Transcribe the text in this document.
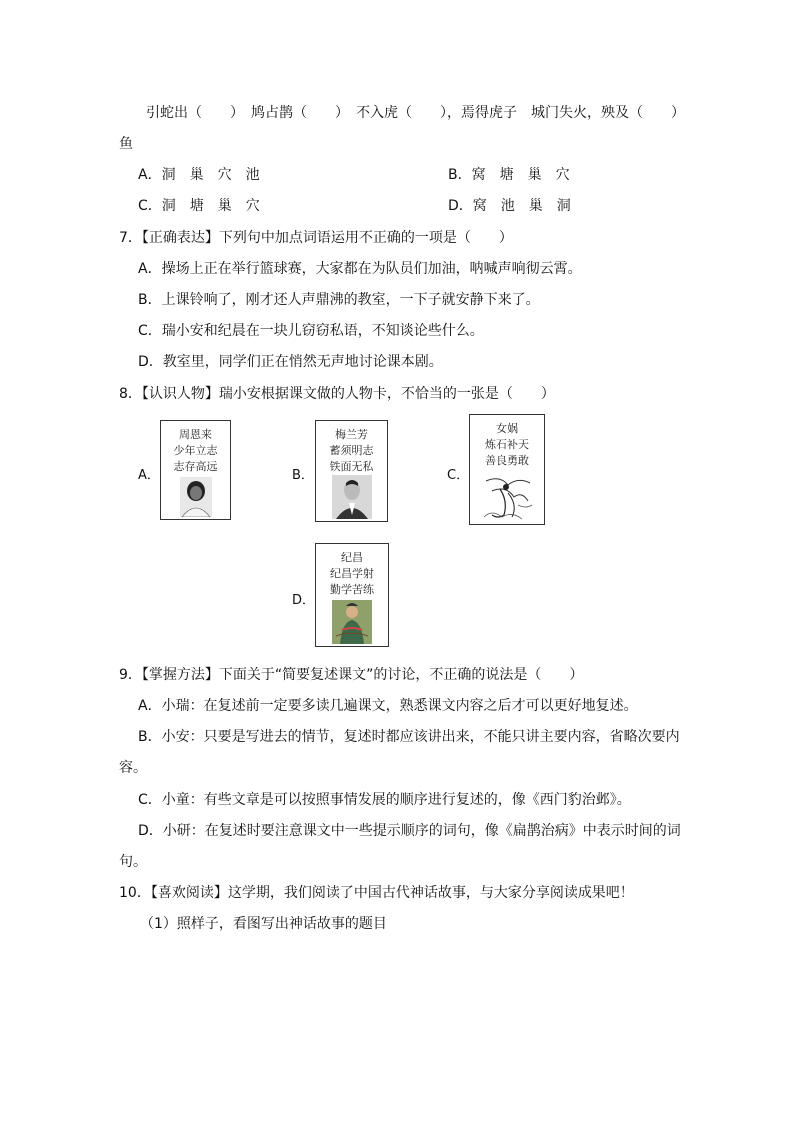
引蛇出（　　）　鸠占鹊（　　）　不入虎（　　），焉得虎子　城门失火，殃及（　　）
鱼
A．洞　巢　穴　池	B．窝　塘　巢　穴
C．洞　塘　巢　穴	D．窝　池　巢　洞
7．【正确表达】下列句中加点词语运用不正确的一项是（　　）
A．操场上正在举行篮球赛，大家都在为队员们加油，呐喊声响彻云霄。
B．上课铃响了，刚才还人声鼎沸的教室，一下子就安静下来了。
C．瑞小安和纪晨在一块儿窃窃私语，不知谈论些什么。
D．教室里，同学们正在悄然无声地讨论课本剧。
8．【认识人物】瑞小安根据课文做的人物卡，不恰当的一张是（　　）
A．
周恩来
少年立志
志存高远
B．
梅兰芳
蓄须明志
铁面无私
C．
女娲
炼石补天
善良勇敢
D．
纪昌
纪昌学射
勤学苦练
9．【掌握方法】下面关于“简要复述课文”的讨论，不正确的说法是（　　）
A．小瑞：在复述前一定要多读几遍课文，熟悉课文内容之后才可以更好地复述。
B．小安：只要是写进去的情节，复述时都应该讲出来，不能只讲主要内容，省略次要内
容。
C．小童：有些文章是可以按照事情发展的顺序进行复述的，像《西门豹治邺》。
D．小研：在复述时要注意课文中一些提示顺序的词句，像《扁鹊治病》中表示时间的词
句。
10．【喜欢阅读】这学期，我们阅读了中国古代神话故事，与大家分享阅读成果吧！
（1）照样子，看图写出神话故事的题目
